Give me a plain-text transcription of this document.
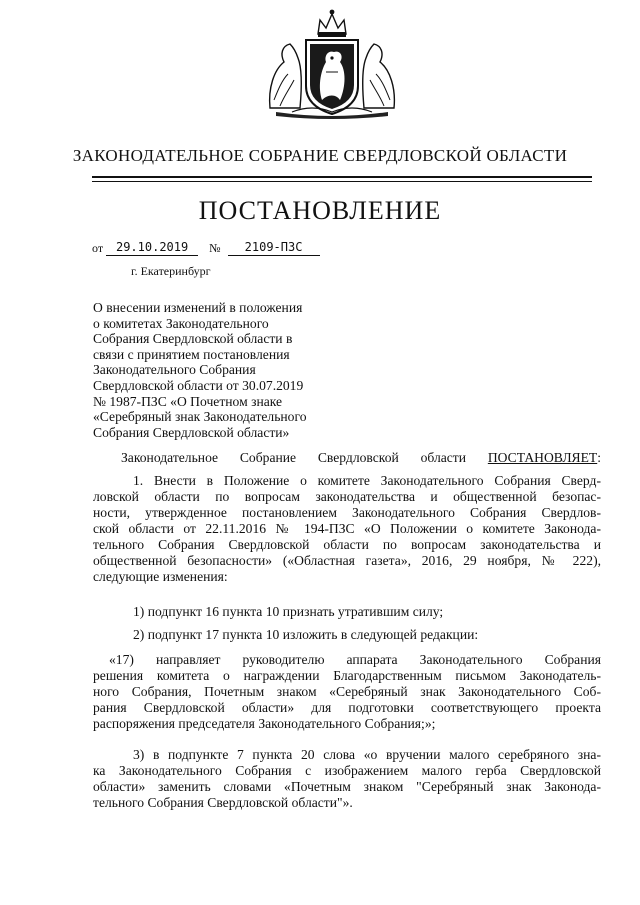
ЗАКОНОДАТЕЛЬНОЕ СОБРАНИЕ СВЕРДЛОВСКОЙ ОБЛАСТИ
ПОСТАНОВЛЕНИЕ
от 29.10.2019 № 2109-ПЗС
г. Екатеринбург
О внесении изменений в положения
о комитетах Законодательного
Собрания Свердловской области в
связи с принятием постановления
Законодательного Собрания
Свердловской области от 30.07.2019
№ 1987-ПЗС «О Почетном знаке
«Серебряный знак Законодательного
Собрания Свердловской области»
Законодательное Собрание Свердловской области ПОСТАНОВЛЯЕТ:
1. Внести в Положение о комитете Законодательного Собрания Сверд-
ловской области по вопросам законодательства и общественной безопас-
ности, утвержденное постановлением Законодательного Собрания Свердлов-
ской области от 22.11.2016 № 194-ПЗС «О Положении о комитете Законода-
тельного Собрания Свердловской области по вопросам законодательства и
общественной безопасности» («Областная газета», 2016, 29 ноября, № 222),
следующие изменения:
1) подпункт 16 пункта 10 признать утратившим силу;
2) подпункт 17 пункта 10 изложить в следующей редакции:
«17) направляет руководителю аппарата Законодательного Собрания
решения комитета о награждении Благодарственным письмом Законодатель-
ного Собрания, Почетным знаком «Серебряный знак Законодательного Соб-
рания Свердловской области» для подготовки соответствующего проекта
распоряжения председателя Законодательного Собрания;»;
3) в подпункте 7 пункта 20 слова «о вручении малого серебряного зна-
ка Законодательного Собрания с изображением малого герба Свердловской
области» заменить словами «Почетным знаком "Серебряный знак Законода-
тельного Собрания Свердловской области"».
